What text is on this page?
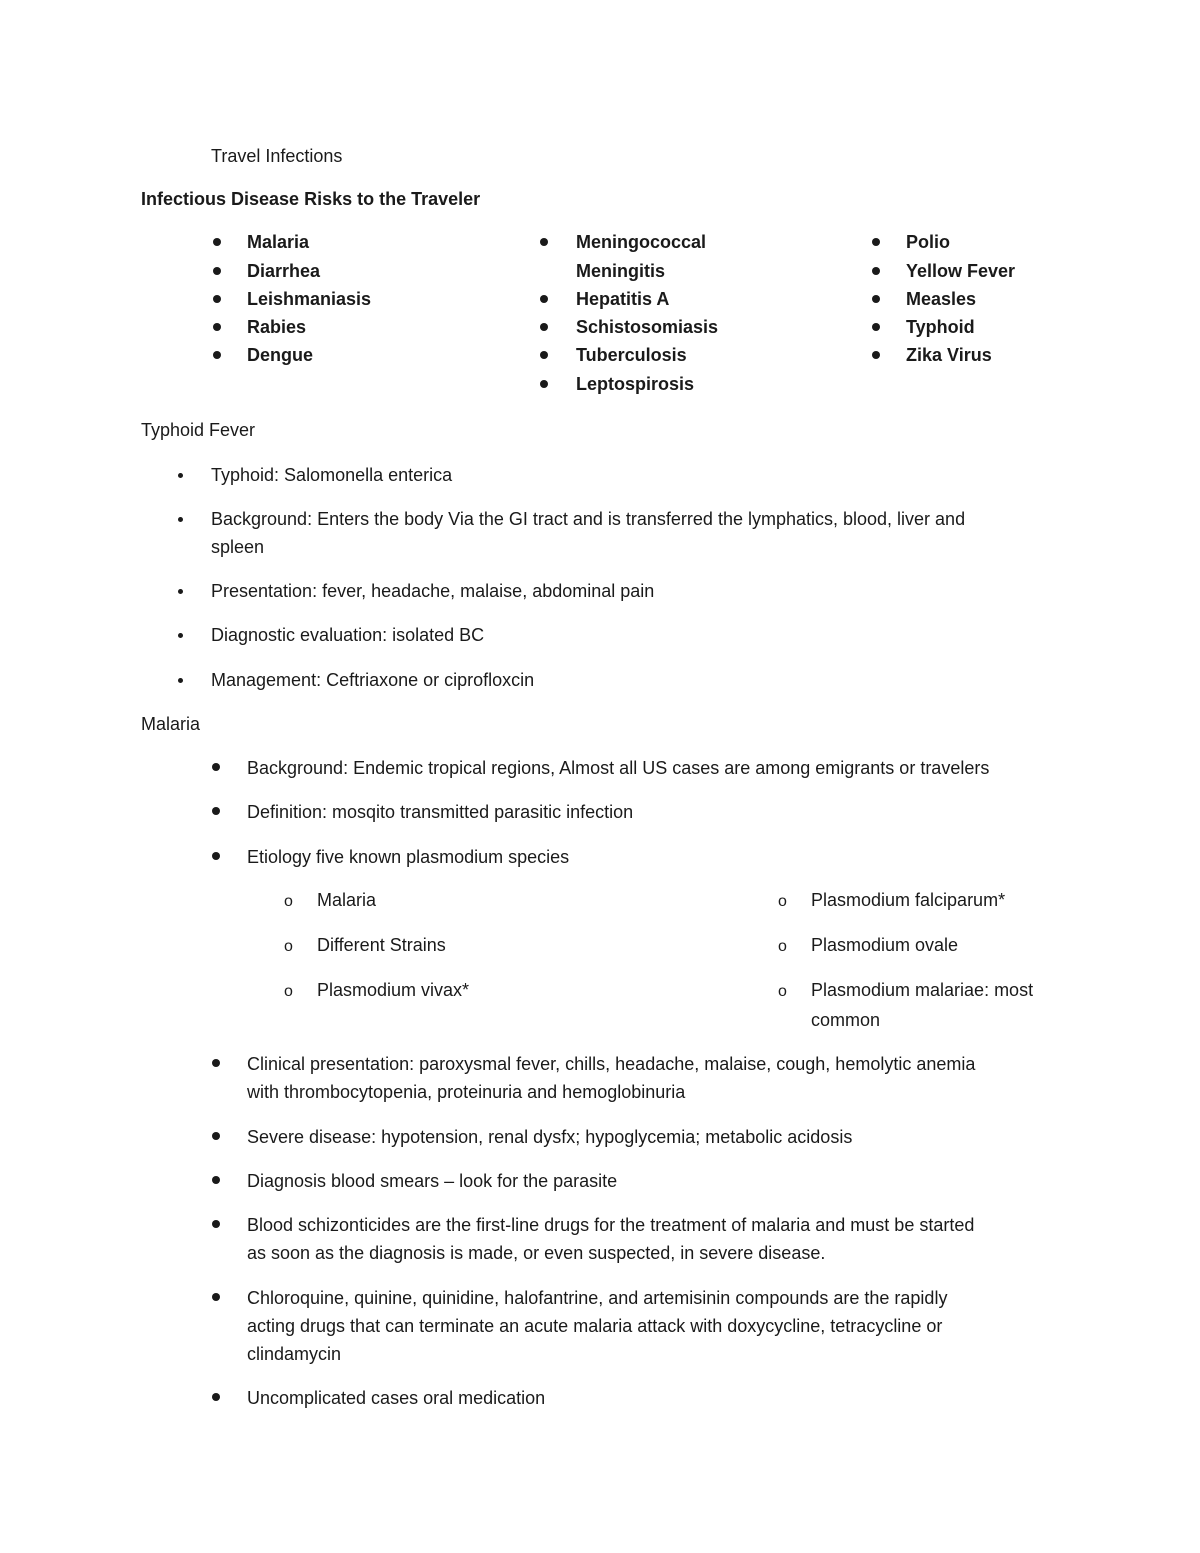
Travel Infections
Infectious Disease Risks to the Traveler
Malaria
Diarrhea
Leishmaniasis
Rabies
Dengue
Meningococcal
Meningitis
Hepatitis A
Schistosomiasis
Tuberculosis
Leptospirosis
Polio
Yellow Fever
Measles
Typhoid
Zika Virus
Typhoid Fever
Typhoid: Salomonella enterica
Background: Enters the body Via the GI tract and is transferred the lymphatics, blood, liver and
spleen
Presentation: fever, headache, malaise, abdominal pain
Diagnostic evaluation: isolated BC
Management: Ceftriaxone or ciprofloxcin
Malaria
Background: Endemic tropical regions, Almost all US cases are among emigrants or travelers
Definition: mosqito transmitted parasitic infection
Etiology five known plasmodium species
o Malaria
o Different Strains
o Plasmodium vivax*
o Plasmodium falciparum*
o Plasmodium ovale
o Plasmodium malariae: most
common
Clinical presentation: paroxysmal fever, chills, headache, malaise, cough, hemolytic anemia
with thrombocytopenia, proteinuria and hemoglobinuria
Severe disease: hypotension, renal dysfx; hypoglycemia; metabolic acidosis
Diagnosis blood smears – look for the parasite
Blood schizonticides are the first-line drugs for the treatment of malaria and must be started
as soon as the diagnosis is made, or even suspected, in severe disease.
Chloroquine, quinine, quinidine, halofantrine, and artemisinin compounds are the rapidly
acting drugs that can terminate an acute malaria attack with doxycycline, tetracycline or
clindamycin
Uncomplicated cases oral medication
